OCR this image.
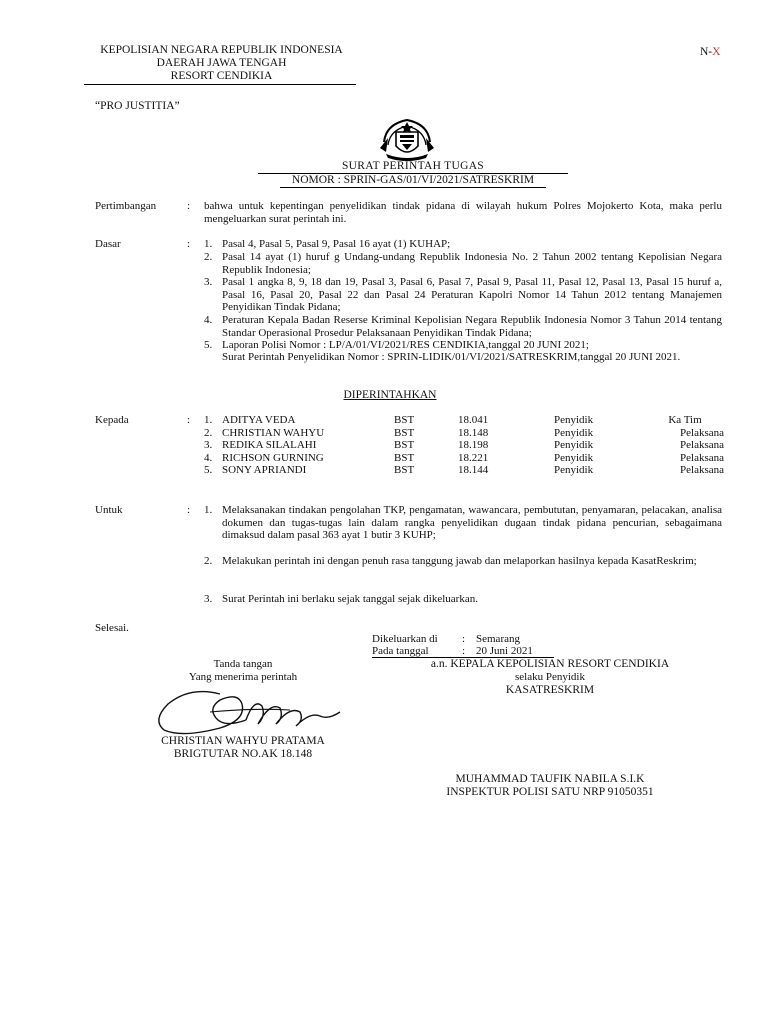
KEPOLISIAN NEGARA REPUBLIK INDONESIA
DAERAH JAWA TENGAH
RESORT CENDIKIA
N-X
“PRO JUSTITIA”
SURAT PERINTAH TUGAS
NOMOR : SPRIN-GAS/01/VI/2021/SATRESKRIM
Pertimbangan	: bahwa untuk kepentingan penyelidikan tindak pidana di wilayah hukum Polres Mojokerto Kota, maka perlu mengeluarkan surat perintah ini.
Dasar	: 1. Pasal 4, Pasal 5, Pasal 9, Pasal 16 ayat (1) KUHAP;
2. Pasal 14 ayat (1) huruf g Undang-undang Republik Indonesia No. 2 Tahun 2002 tentang Kepolisian Negara Republik Indonesia;
3. Pasal 1 angka 8, 9, 18 dan 19, Pasal 3, Pasal 6, Pasal 7, Pasal 9, Pasal 11, Pasal 12, Pasal 13, Pasal 15 huruf a, Pasal 16, Pasal 20, Pasal 22 dan Pasal 24 Peraturan Kapolri Nomor 14 Tahun 2012 tentang Manajemen Penyidikan Tindak Pidana;
4. Peraturan Kepala Badan Reserse Kriminal Kepolisian Negara Republik Indonesia Nomor 3 Tahun 2014 tentang Standar Operasional Prosedur Pelaksanaan Penyidikan Tindak Pidana;
5. Laporan Polisi Nomor : LP/A/01/VI/2021/RES CENDIKIA,tanggal 20 JUNI 2021;
Surat Perintah Penyelidikan Nomor : SPRIN-LIDIK/01/VI/2021/SATRESKRIM,tanggal 20 JUNI 2021.
DIPERINTAHKAN
Kepada	: 1.	ADITYA VEDA	BST	18.041	Penyidik	Ka Tim
2.	CHRISTIAN WAHYU	BST	18.148	Penyidik	Pelaksana
3.	REDIKA SILALAHI	BST	18.198	Penyidik	Pelaksana
4.	RICHSON GURNING	BST	18.221	Penyidik	Pelaksana
5.	SONY APRIANDI	BST	18.144	Penyidik	Pelaksana
Untuk	: 1. Melaksanakan tindakan pengolahan TKP, pengamatan, wawancara, pembututan, penyamaran, pelacakan, analisa dokumen dan tugas-tugas lain dalam rangka penyelidikan dugaan tindak pidana pencurian, sebagaimana dimaksud dalam pasal 363 ayat 1 butir 3 KUHP;
2. Melakukan perintah ini dengan penuh rasa tanggung jawab dan melaporkan hasilnya kepada KasatReskrim;
3. Surat Perintah ini berlaku sejak tanggal sejak dikeluarkan.
Selesai.
Dikeluarkan di : Semarang
Pada tanggal	: 20 Juni 2021
a.n. KEPALA KEPOLISIAN RESORT CENDIKIA
selaku Penyidik
KASATRESKRIM
Tanda tangan
Yang menerima perintah
CHRISTIAN WAHYU PRATAMA
BRIGTUTAR NO.AK 18.148
MUHAMMAD TAUFIK NABILA S.I.K
INSPEKTUR POLISI SATU NRP 91050351
